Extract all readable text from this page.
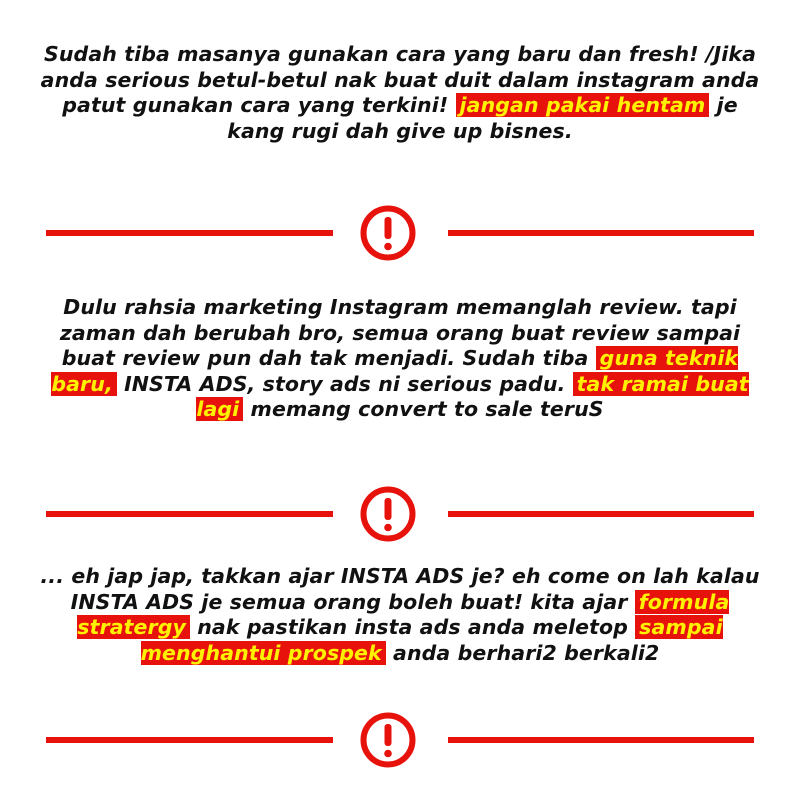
Sudah tiba masanya gunakan cara yang baru dan fresh! /Jika anda serious betul-betul nak buat duit dalam instagram anda patut gunakan cara yang terkini! jangan pakai hentam je kang rugi dah give up bisnes.
Dulu rahsia marketing Instagram memanglah review. tapi zaman dah berubah bro, semua orang buat review sampai buat review pun dah tak menjadi. Sudah tiba guna teknik baru, INSTA ADS, story ads ni serious padu. tak ramai buat lagi memang convert to sale teruS
... eh jap jap, takkan ajar INSTA ADS je? eh come on lah kalau INSTA ADS je semua orang boleh buat! kita ajar formula stratergy nak pastikan insta ads anda meletop sampai menghantui prospek anda berhari2 berkali2
